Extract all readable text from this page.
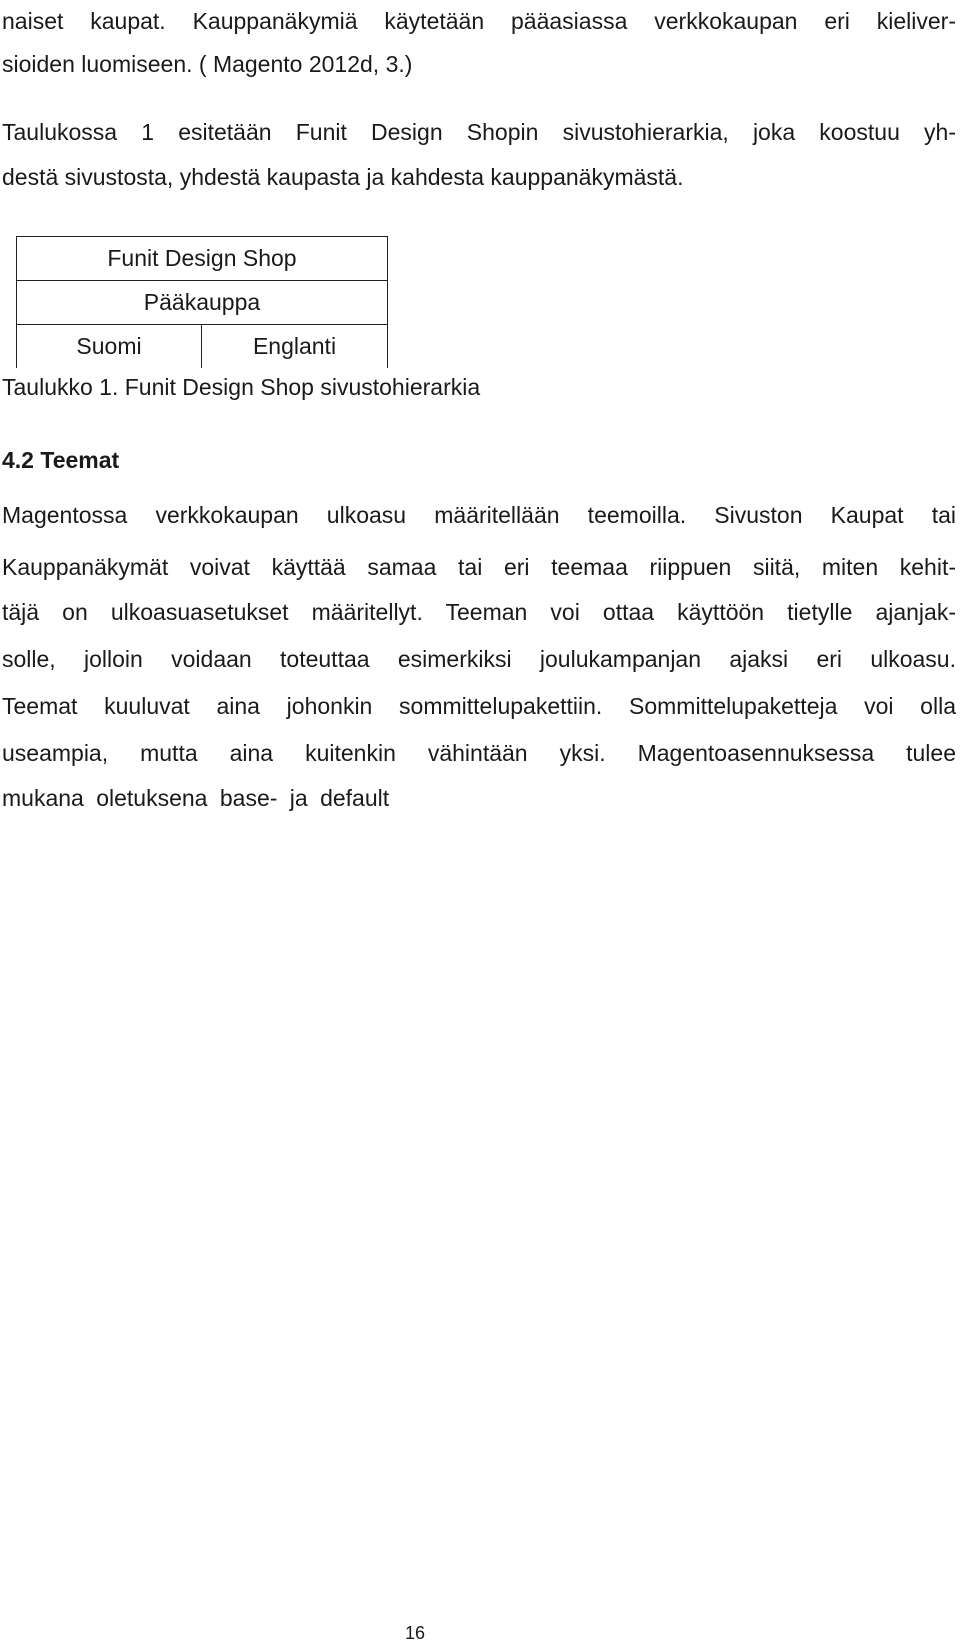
naiset kaupat. Kauppanäkymiä käytetään pääasiassa verkkokaupan eri kieliver-
sioiden luomiseen. ( Magento 2012d, 3.)
Taulukossa 1 esitetään Funit Design Shopin sivustohierarkia, joka koostuu yh-
destä sivustosta, yhdestä kaupasta ja kahdesta kauppanäkymästä.
Funit Design Shop
Pääkauppa
Suomi	Englanti
Taulukko 1. Funit Design Shop sivustohierarkia
4.2 Teemat
Magentossa verkkokaupan ulkoasu määritellään teemoilla. Sivuston Kaupat tai
Kauppanäkymät voivat käyttää samaa tai eri teemaa riippuen siitä, miten kehit-
täjä on ulkoasuasetukset määritellyt. Teeman voi ottaa käyttöön tietylle ajanjak-
solle, jolloin voidaan toteuttaa esimerkiksi joulukampanjan ajaksi eri ulkoasu.
Teemat kuuluvat aina johonkin sommittelupakettiin. Sommittelupaketteja voi olla
useampia, mutta aina kuitenkin vähintään yksi. Magentoasennuksessa tulee
mukana oletuksena base- ja default
16
